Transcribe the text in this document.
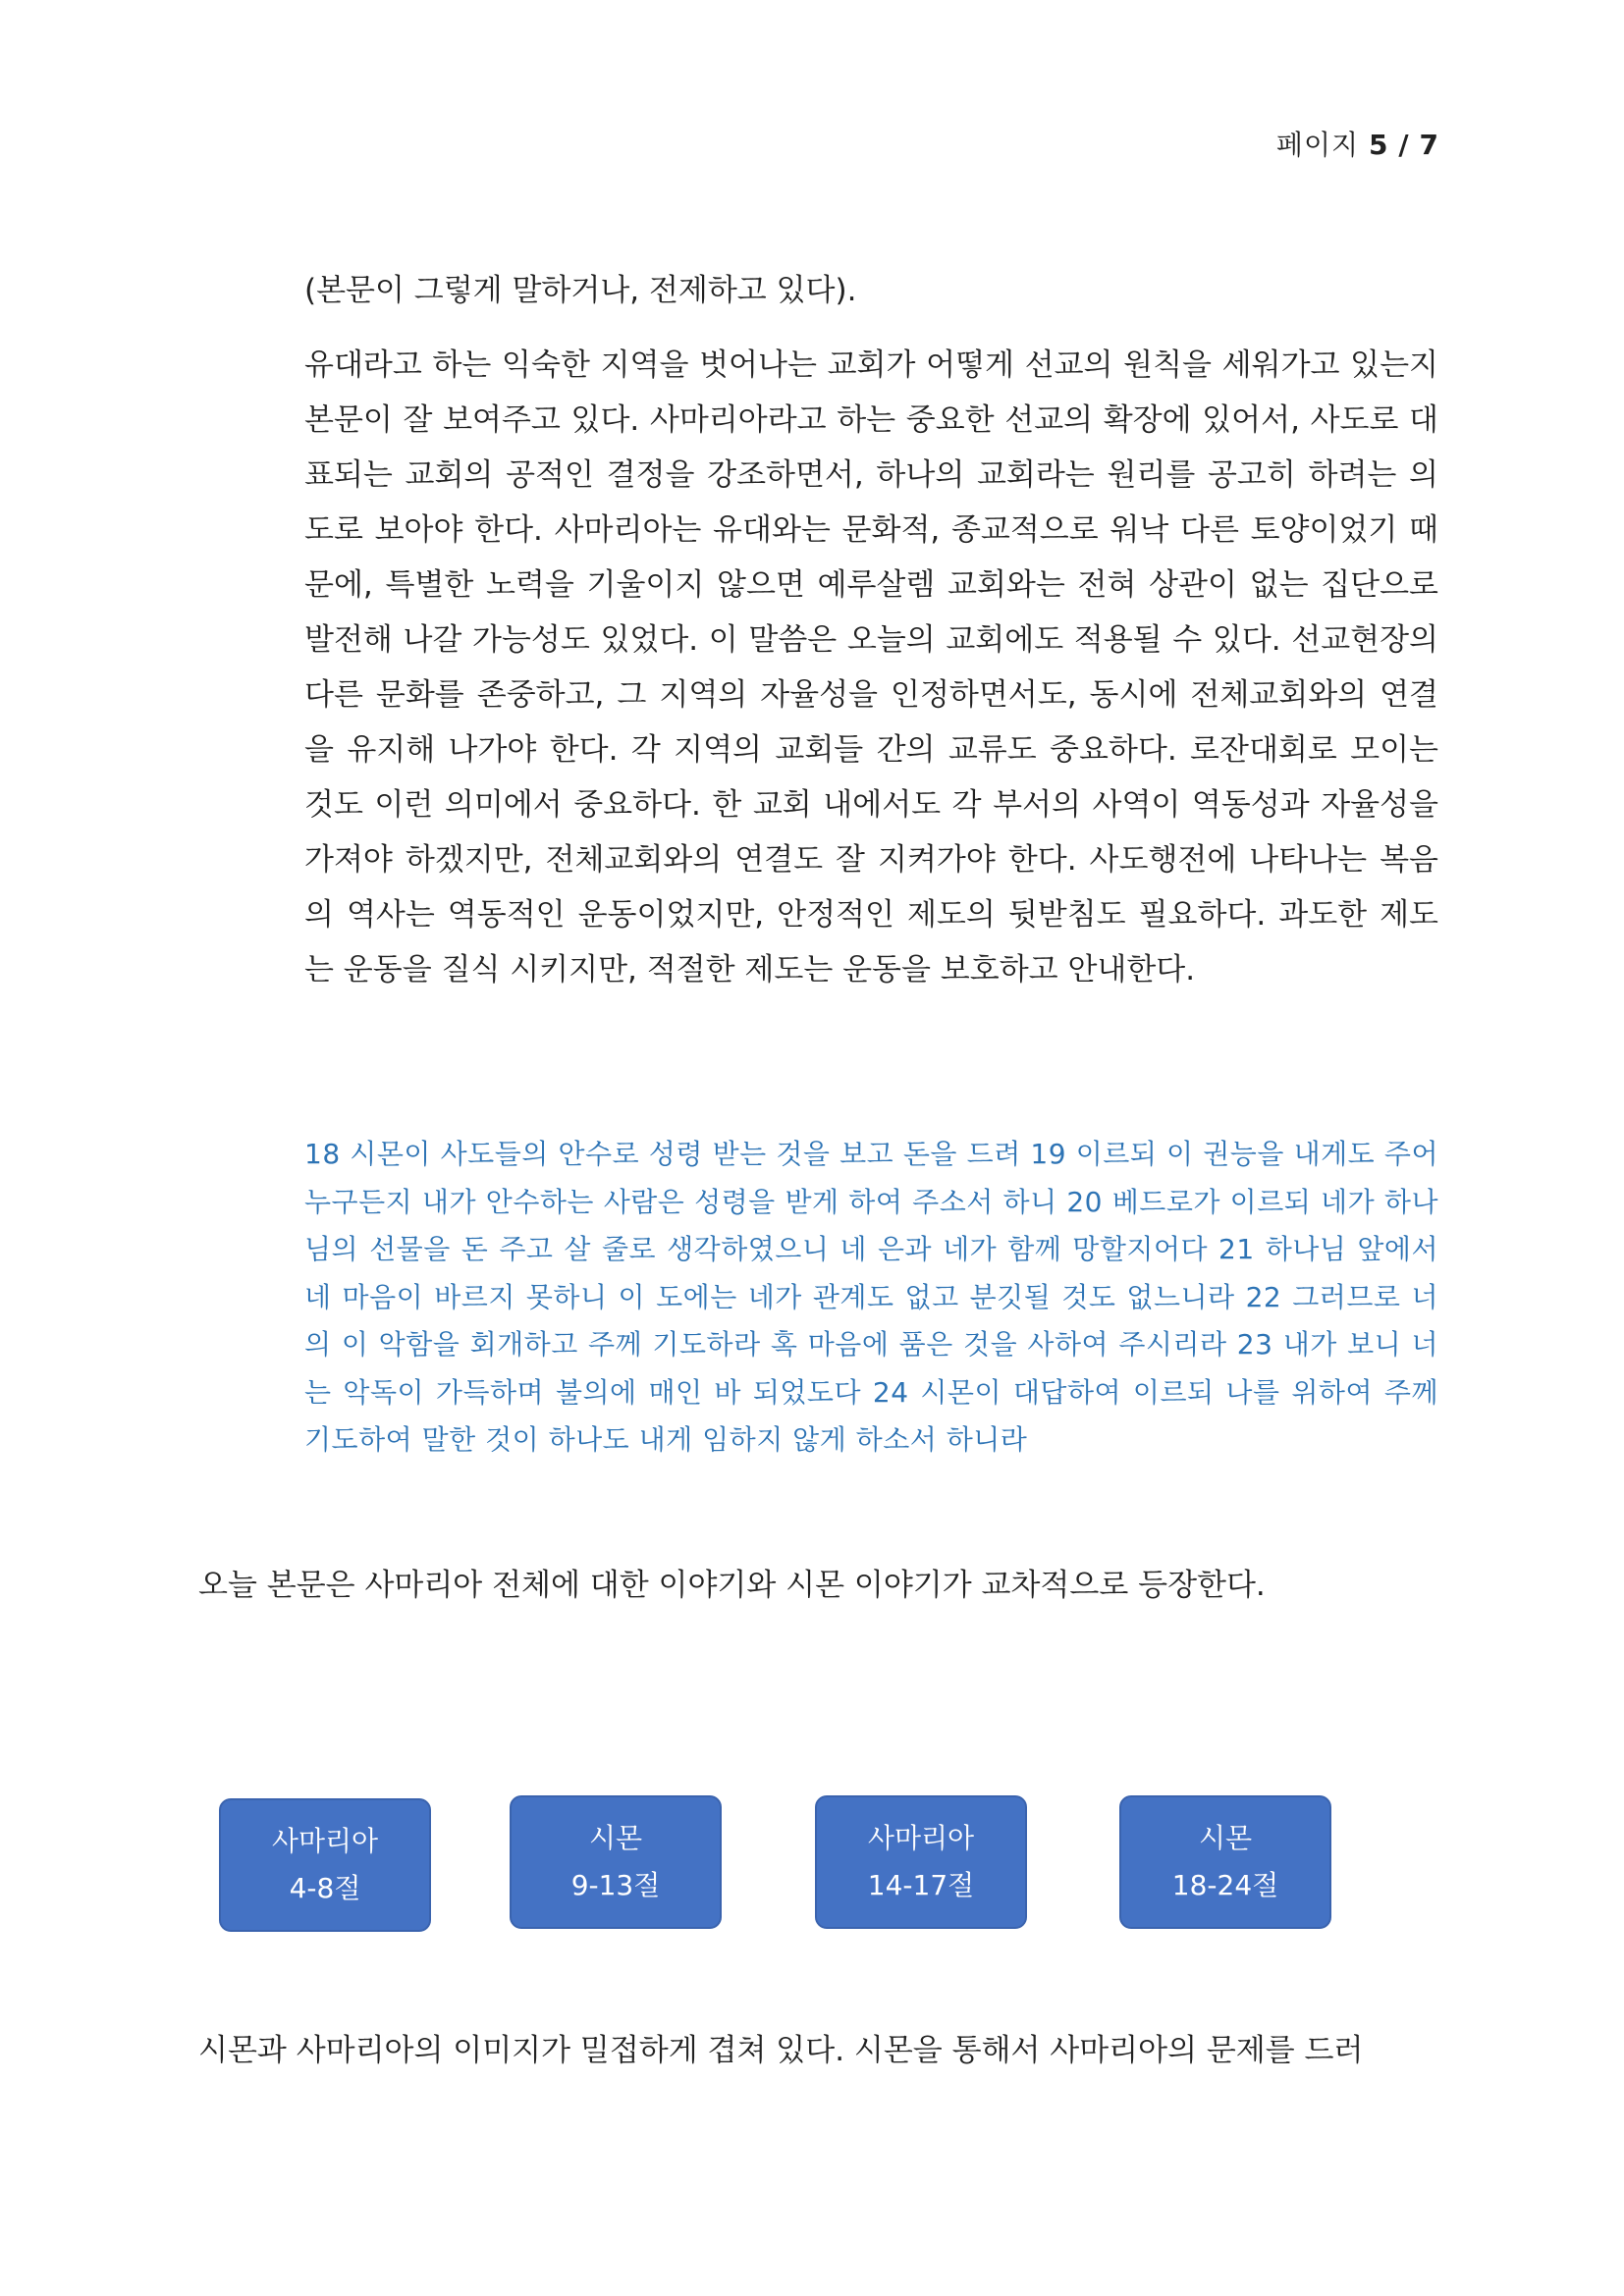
페이지 5 / 7

(본문이 그렇게 말하거나, 전제하고 있다).

유대라고 하는 익숙한 지역을 벗어나는 교회가 어떻게 선교의 원칙을 세워가고 있는지 본문이 잘 보여주고 있다. 사마리아라고 하는 중요한 선교의 확장에 있어서, 사도로 대표되는 교회의 공적인 결정을 강조하면서, 하나의 교회라는 원리를 공고히 하려는 의도로 보아야 한다. 사마리아는 유대와는 문화적, 종교적으로 워낙 다른 토양이었기 때문에, 특별한 노력을 기울이지 않으면 예루살렘 교회와는 전혀 상관이 없는 집단으로 발전해 나갈 가능성도 있었다. 이 말씀은 오늘의 교회에도 적용될 수 있다. 선교현장의 다른 문화를 존중하고, 그 지역의 자율성을 인정하면서도, 동시에 전체교회와의 연결을 유지해 나가야 한다. 각 지역의 교회들 간의 교류도 중요하다. 로잔대회로 모이는 것도 이런 의미에서 중요하다. 한 교회 내에서도 각 부서의 사역이 역동성과 자율성을 가져야 하겠지만, 전체교회와의 연결도 잘 지켜가야 한다. 사도행전에 나타나는 복음의 역사는 역동적인 운동이었지만, 안정적인 제도의 뒷받침도 필요하다. 과도한 제도는 운동을 질식 시키지만, 적절한 제도는 운동을 보호하고 안내한다.

18 시몬이 사도들의 안수로 성령 받는 것을 보고 돈을 드려 19 이르되 이 권능을 내게도 주어 누구든지 내가 안수하는 사람은 성령을 받게 하여 주소서 하니 20 베드로가 이르되 네가 하나님의 선물을 돈 주고 살 줄로 생각하였으니 네 은과 네가 함께 망할지어다 21 하나님 앞에서 네 마음이 바르지 못하니 이 도에는 네가 관계도 없고 분깃될 것도 없느니라 22 그러므로 너의 이 악함을 회개하고 주께 기도하라 혹 마음에 품은 것을 사하여 주시리라 23 내가 보니 너는 악독이 가득하며 불의에 매인 바 되었도다 24 시몬이 대답하여 이르되 나를 위하여 주께 기도하여 말한 것이 하나도 내게 임하지 않게 하소서 하니라

오늘 본문은 사마리아 전체에 대한 이야기와 시몬 이야기가 교차적으로 등장한다.

사마리아
4-8절
시몬
9-13절
사마리아
14-17절
시몬
18-24절

시몬과 사마리아의 이미지가 밀접하게 겹쳐 있다. 시몬을 통해서 사마리아의 문제를 드러
